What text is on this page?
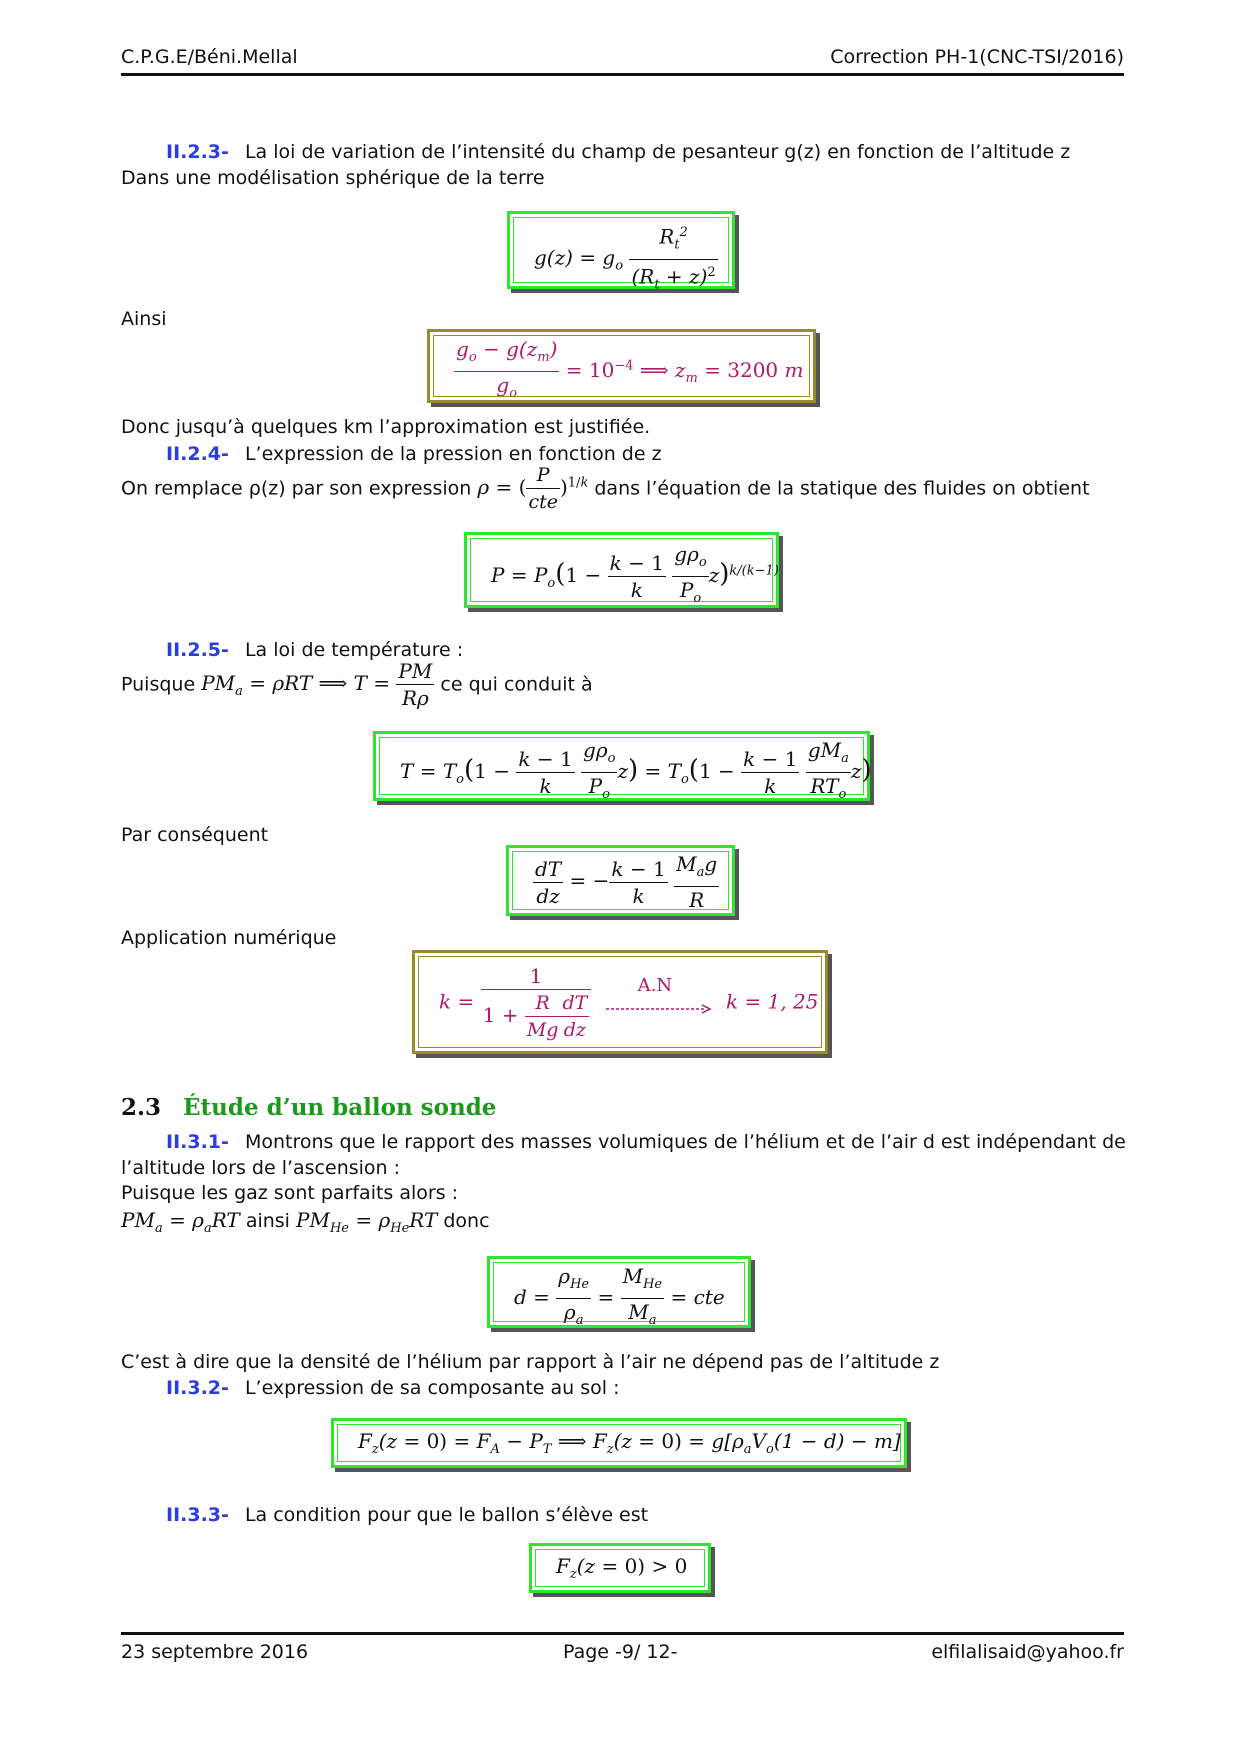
C.P.G.E/Béni.Mellal	Correction PH-1(CNC-TSI/2016)
II.2.3- La loi de variation de l’intensité du champ de pesanteur g(z) en fonction de l’altitude z
Dans une modélisation sphérique de la terre
$g(z) = g_o \frac{R_t^2}{(R_t + z)^2}$
Ainsi
$\frac{g_o - g(z_m)}{g_o} = 10^{-4}$ ⟹ $z_m = 3200$ m
Donc jusqu’à quelques km l’approximation est justifiée.
II.2.4- L’expression de la pression en fonction de z
On remplace ρ(z) par son expression ρ = ( $\frac{P}{\text{cte}} )^{1/k}$ dans l’équation de la statique des fluides on obtient
$P = P_o(1 - \frac{k - 1}{k}$
$\frac{g\rho_o}{P_o} z)^{k/(k-1)}$
II.2.5- La loi de température :
Puisque $PM_a = \rho RT$ ⟹ $T = \frac{PM}{R\rho}$ ce qui conduit à
$T = T_o(1 - \frac{k - 1}{k}$
$\frac{g\rho_o}{P_o} z) = T_o(1 - \frac{k - 1}{k}$
$\frac{gM_a}{RT_o} z$)
Par conséquent
$\frac{dT}{dz}$ = − $\frac{k - 1}{k}$
$\frac{M_ag}{R}$
Application numérique
$k = \frac{1}{1 + \frac{R}{Mg} \frac{dT}{dz}}$
	A.N
k = 1, 25
2.3 Étude d’un ballon sonde
II.3.1- Montrons que le rapport des masses volumiques de l’hélium et de l’air d est indépendant de
l’altitude lors de l’ascension :
Puisque les gaz sont parfaits alors :
$PM_a = \rho_aRT$ ainsi $PM_{He} = \rho_{He}RT$ donc
$d = \frac{\rho_{He}}{\rho_a} = \frac{M_{He}}{M_a}$ = cte
C’est à dire que la densité de l’hélium par rapport à l’air ne dépend pas de l’altitude z
II.3.2- L’expression de sa composante au sol :
$F_z(z = 0) = F_A - P_T$ ⟹ $F_z(z = 0) = g[\rho_aV_o(1 - d) - m]$
II.3.3- La condition pour que le ballon s’élève est
$F_z(z = 0) > 0$
23 septembre 2016	Page -9/ 12-	elfilalisaid@yahoo.fr
